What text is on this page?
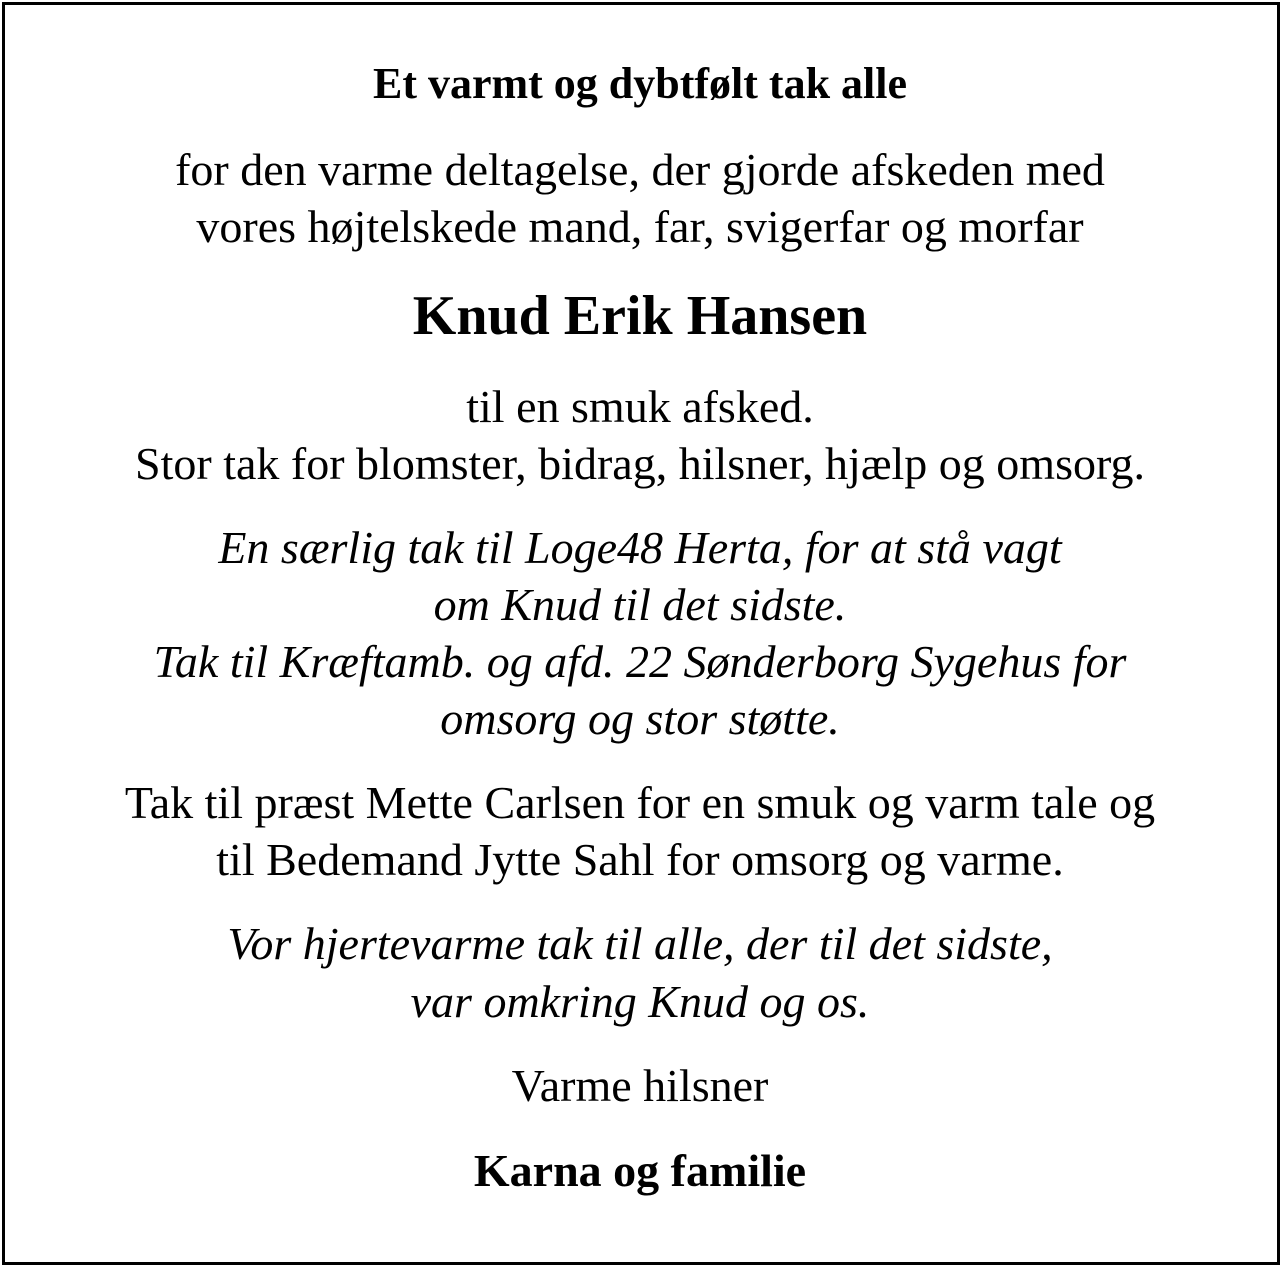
Et varmt og dybtfølt tak alle
for den varme deltagelse, der gjorde afskeden med
vores højtelskede mand, far, svigerfar og morfar
Knud Erik Hansen
til en smuk afsked.
Stor tak for blomster, bidrag, hilsner, hjælp og omsorg.
En særlig tak til Loge48 Herta, for at stå vagt
om Knud til det sidste.
Tak til Kræftamb. og afd. 22 Sønderborg Sygehus for
omsorg og stor støtte.
Tak til præst Mette Carlsen for en smuk og varm tale og
til Bedemand Jytte Sahl for omsorg og varme.
Vor hjertevarme tak til alle, der til det sidste,
var omkring Knud og os.
Varme hilsner
Karna og familie
